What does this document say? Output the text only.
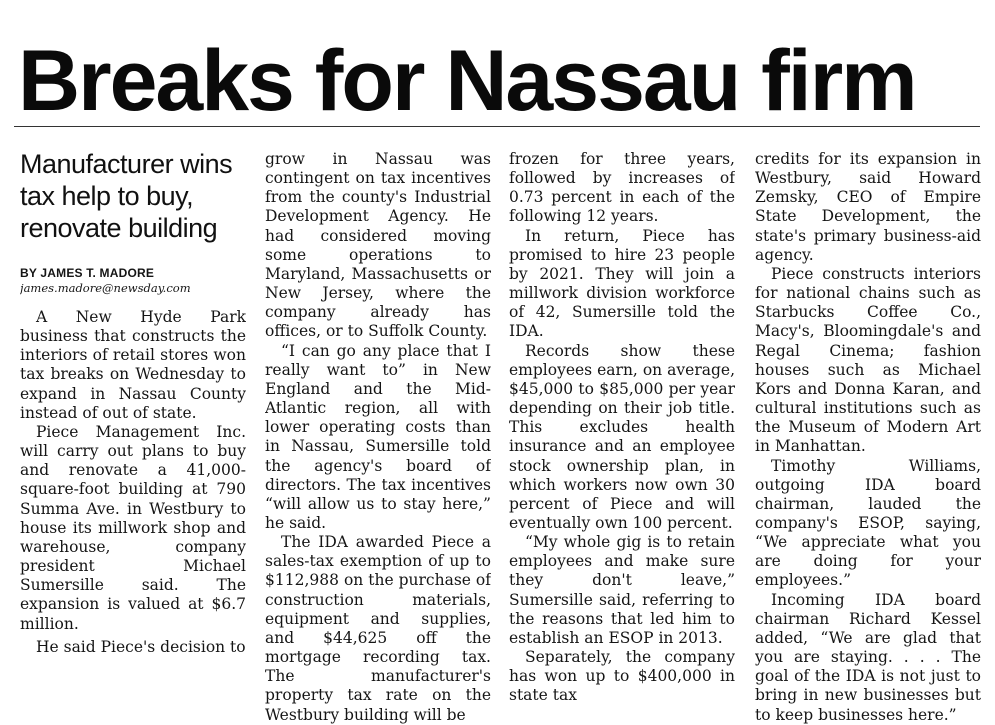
Breaks for Nassau firm
Manufacturer wins tax help to buy, renovate building
BY JAMES T. MADORE
james.madore@newsday.com

A New Hyde Park business that constructs the interiors of retail stores won tax breaks on Wednesday to expand in Nassau County instead of out of state.

Piece Management Inc. will carry out plans to buy and renovate a 41,000-square-foot building at 790 Summa Ave. in Westbury to house its millwork shop and warehouse, company president Michael Sumersille said. The expansion is valued at $6.7 million.

He said Piece's decision to

grow in Nassau was contingent on tax incentives from the county's Industrial Development Agency. He had considered moving some operations to Maryland, Massachusetts or New Jersey, where the company already has offices, or to Suffolk County.

“I can go any place that I really want to” in New England and the Mid-Atlantic region, all with lower operating costs than in Nassau, Sumersille told the agency's board of directors. The tax incentives “will allow us to stay here,” he said.

The IDA awarded Piece a sales-tax exemption of up to $112,988 on the purchase of construction materials, equipment and supplies, and $44,625 off the mortgage recording tax. The manufacturer's property tax rate on the Westbury building will be

frozen for three years, followed by increases of 0.73 percent in each of the following 12 years.

In return, Piece has promised to hire 23 people by 2021. They will join a millwork division workforce of 42, Sumersille told the IDA.

Records show these employees earn, on average, $45,000 to $85,000 per year depending on their job title. This excludes health insurance and an employee stock ownership plan, in which workers now own 30 percent of Piece and will eventually own 100 percent.

“My whole gig is to retain employees and make sure they don't leave,” Sumersille said, referring to the reasons that led him to establish an ESOP in 2013.

Separately, the company has won up to $400,000 in state tax

credits for its expansion in Westbury, said Howard Zemsky, CEO of Empire State Development, the state's primary business-aid agency.

Piece constructs interiors for national chains such as Starbucks Coffee Co., Macy's, Bloomingdale's and Regal Cinema; fashion houses such as Michael Kors and Donna Karan, and cultural institutions such as the Museum of Modern Art in Manhattan.

Timothy Williams, outgoing IDA board chairman, lauded the company's ESOP, saying, “We appreciate what you are doing for your employees.”

Incoming IDA board chairman Richard Kessel added, “We are glad that you are staying. . . . The goal of the IDA is not just to bring in new businesses but to keep businesses here.”
